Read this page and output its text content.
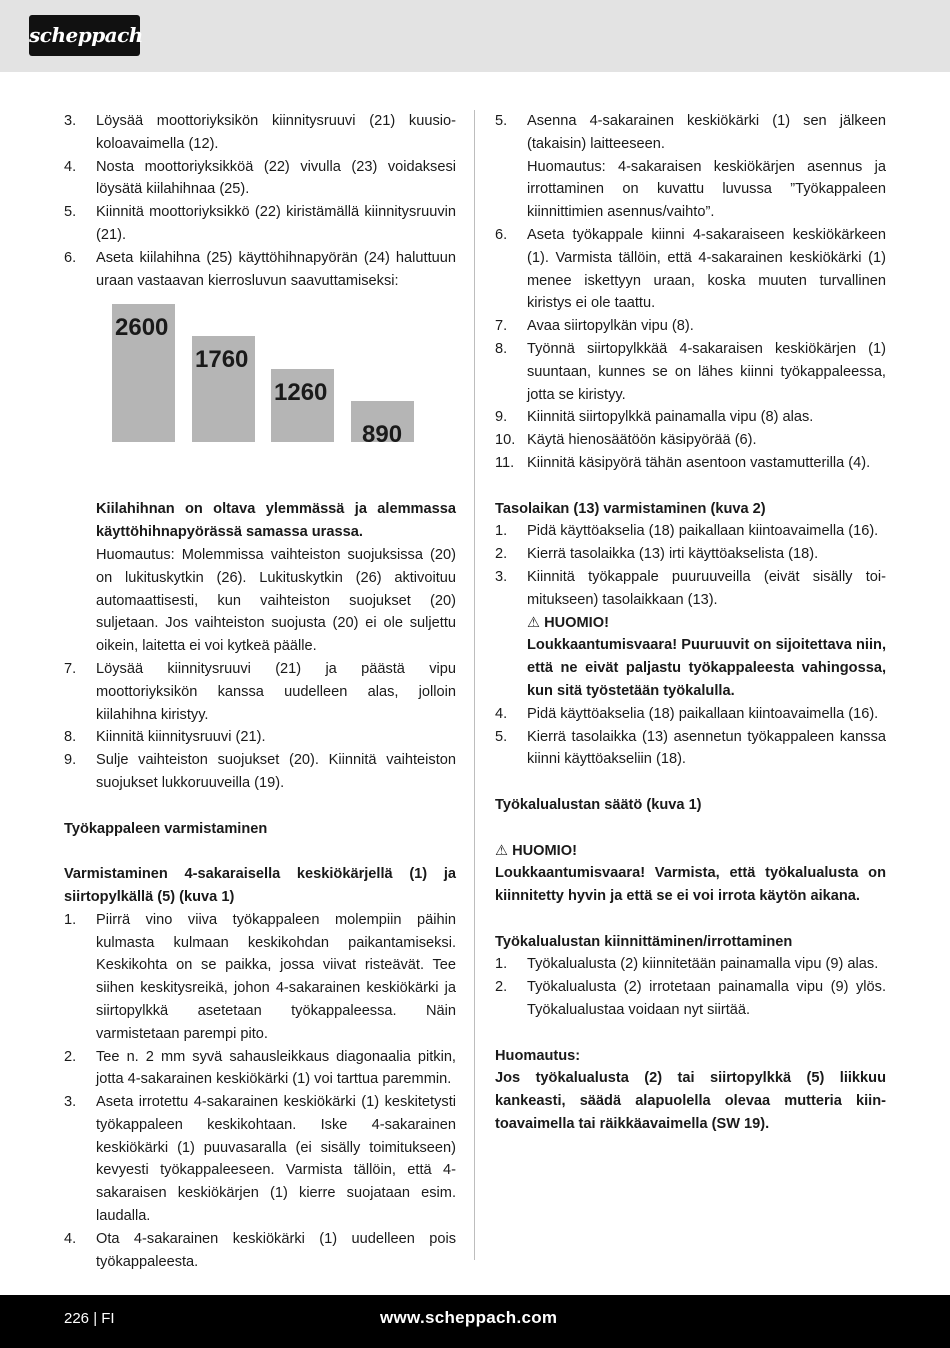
scheppach
3. Löysää moottoriyksikön kiinnitysruuvi (21) kuusiokoloavaimella (12).
4. Nosta moottoriyksikköä (22) vivulla (23) voidaksesi löysätä kiilahihnaa (25).
5. Kiinnitä moottoriyksikkö (22) kiristämällä kiinnitysruuvin (21).
6. Aseta kiilahihna (25) käyttöhihnapyörän (24) haluttuun uraan vastaavan kierrosluvun saavuttamiseksi:
2600
1760
1260
890
Kiilahihnan on oltava ylemmässä ja alemmassa käyttöhihnapyörässä samassa urassa.
Huomautus: Molemmissa vaihteiston suojuksissa (20) on lukituskytkin (26). Lukituskytkin (26) aktivoituu automaattisesti, kun vaihteiston suojukset (20) suljetaan. Jos vaihteiston suojusta (20) ei ole suljettu oikein, laitetta ei voi kytkeä päälle.
7. Löysää kiinnitysruuvi (21) ja päästä vipu moottoriyksikön kanssa uudelleen alas, jolloin kiilahihna kiristyy.
8. Kiinnitä kiinnitysruuvi (21).
9. Sulje vaihteiston suojukset (20). Kiinnitä vaihteiston suojukset lukkoruuveilla (19).
Työkappaleen varmistaminen
Varmistaminen 4-sakaraisella keskiökärjellä (1) ja siirtopylkällä (5) (kuva 1)
1. Piirrä vino viiva työkappaleen molempiin päihin kulmasta kulmaan keskikohdan paikantamiseksi. Keskikohta on se paikka, jossa viivat risteävät. Tee siihen keskitysreikä, johon 4-sakarainen keskiökärki ja siirtopylkkä asetetaan työkappaleessa. Näin varmistetaan parempi pito.
2. Tee n. 2 mm syvä sahausleikkaus diagonaalia pitkin, jotta 4-sakarainen keskiökärki (1) voi tarttua paremmin.
3. Aseta irrotettu 4-sakarainen keskiökärki (1) keskitetysti työkappaleen keskikohtaan. Iske 4-sakarainen keskiökärki (1) puuvasaralla (ei sisälly toimitukseen) kevyesti työkappaleeseen. Varmista tällöin, että 4-sakaraisen keskiökärjen (1) kierre suojataan esim. laudalla.
4. Ota 4-sakarainen keskiökärki (1) uudelleen pois työkappaleesta.
5. Asenna 4-sakarainen keskiökärki (1) sen jälkeen (takaisin) laitteeseen.
Huomautus: 4-sakaraisen keskiökärjen asennus ja irrottaminen on kuvattu luvussa ”Työkappaleen kiinnittimien asennus/vaihto”.
6. Aseta työkappale kiinni 4-sakaraiseen keskiökärkeen (1). Varmista tällöin, että 4-sakarainen keskiökärki (1) menee iskettyyn uraan, koska muuten turvallinen kiristys ei ole taattu.
7. Avaa siirtopylkän vipu (8).
8. Työnnä siirtopylkkää 4-sakaraisen keskiökärjen (1) suuntaan, kunnes se on lähes kiinni työkappaleessa, jotta se kiristyy.
9. Kiinnitä siirtopylkkä painamalla vipu (8) alas.
10. Käytä hienosäätöön käsipyörää (6).
11. Kiinnitä käsipyörä tähän asentoon vastamutterilla (4).
Tasolaikan (13) varmistaminen (kuva 2)
1. Pidä käyttöakselia (18) paikallaan kiintoavaimella (16).
2. Kierrä tasolaikka (13) irti käyttöakselista (18).
3. Kiinnitä työkappale puuruuveilla (eivät sisälly toimitukseen) tasolaikkaan (13).
⚠ HUOMIO!
Loukkaantumisvaara! Puuruuvit on sijoitettava niin, että ne eivät paljastu työkappaleesta vahingossa, kun sitä työstetään työkalulla.
4. Pidä käyttöakselia (18) paikallaan kiintoavaimella (16).
5. Kierrä tasolaikka (13) asennetun työkappaleen kanssa kiinni käyttöakseliin (18).
Työkalualustan säätö (kuva 1)
⚠ HUOMIO!
Loukkaantumisvaara! Varmista, että työkalualusta on kiinnitetty hyvin ja että se ei voi irrota käytön aikana.
Työkalualustan kiinnittäminen/irrottaminen
1. Työkalualusta (2) kiinnitetään painamalla vipu (9) alas.
2. Työkalualusta (2) irrotetaan painamalla vipu (9) ylös. Työkalualustaa voidaan nyt siirtää.
Huomautus:
Jos työkalualusta (2) tai siirtopylkkä (5) liikkuu kankeasti, säädä alapuolella olevaa mutteria kiintoavaimella tai räikkäavaimella (SW 19).
226 | FI	www.scheppach.com
